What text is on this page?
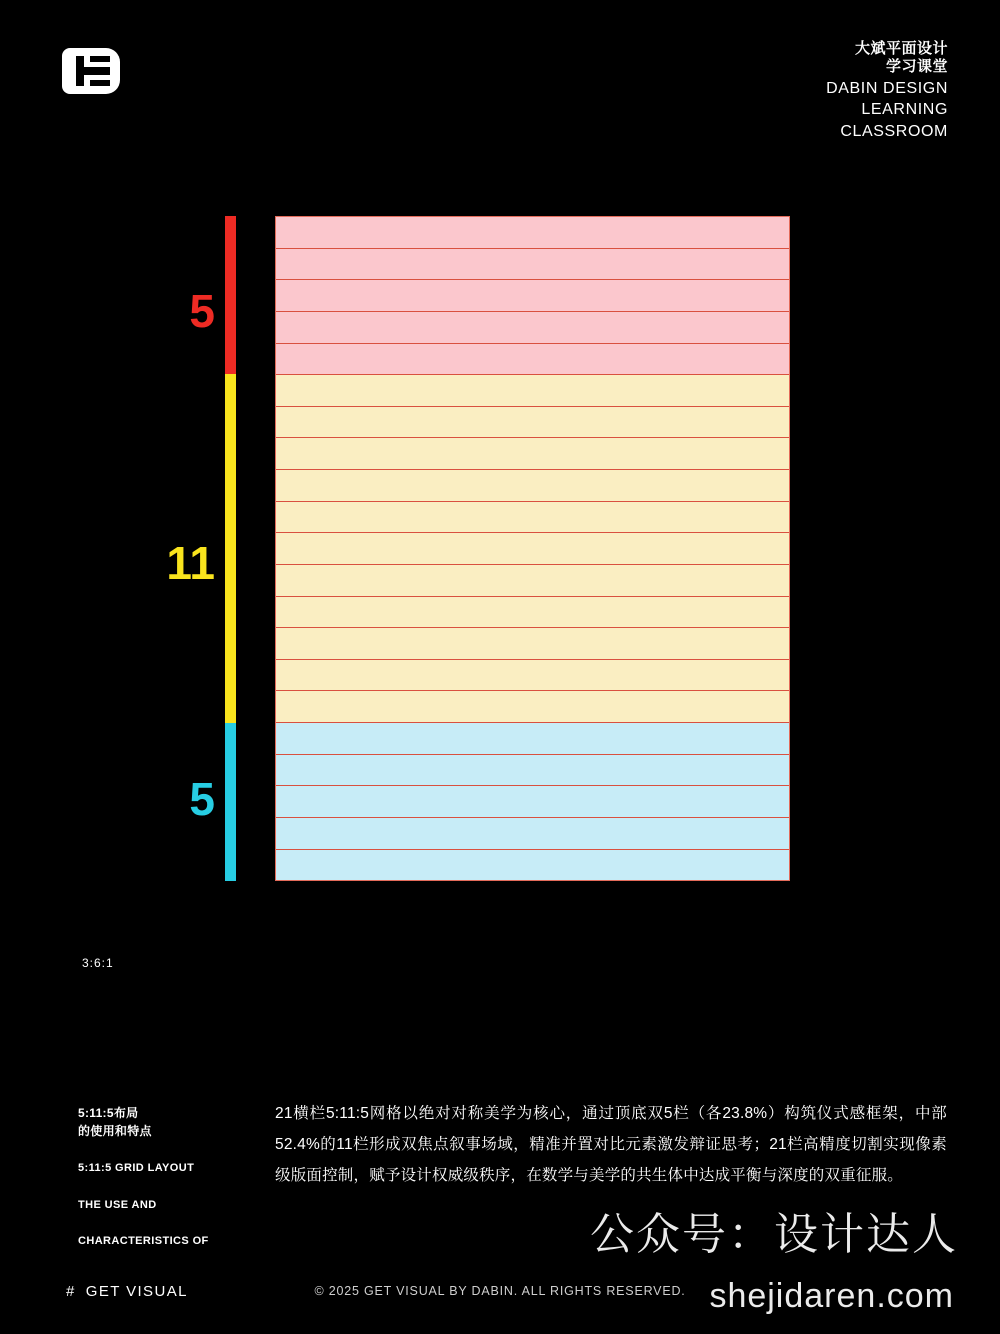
大斌平面设计
学习课堂
DABIN DESIGN
LEARNING
CLASSROOM
5
11
5
3:6:1
5:11:5布局
的使用和特点
5:11:5 GRID LAYOUT
THE USE AND
CHARACTERISTICS OF
21横栏5:11:5网格以绝对对称美学为核心，通过顶底双5栏（各23.8%）构筑仪式感框架，中部52.4%的11栏形成双焦点叙事场域，精准并置对比元素激发辩证思考；21栏高精度切割实现像素级版面控制，赋予设计权威级秩序，在数学与美学的共生体中达成平衡与深度的双重征服。
# GET VISUAL	© 2025 GET VISUAL BY DABIN. ALL RIGHTS RESERVED.
公众号：设计达人
shejidaren.com
